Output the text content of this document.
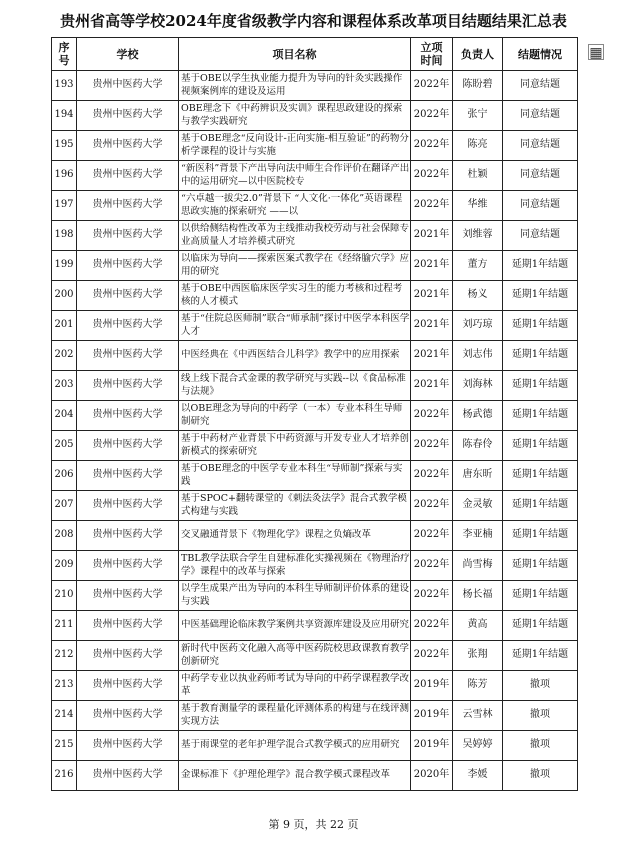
贵州省高等学校2024年度省级教学内容和课程体系改革项目结题结果汇总表
▦
序号	学校	项目名称	立项时间	负责人	结题情况
193	贵州中医药大学	基于OBE以学生执业能力提升为导向的针灸实践操作视频案例库的建设及运用	2022年	陈盼碧	同意结题
194	贵州中医药大学	OBE理念下《中药辨识及实训》课程思政建设的探索与教学实践研究	2022年	张宁	同意结题
195	贵州中医药大学	基于OBE理念“反向设计-正向实施-相互验证”的药物分析学课程的设计与实施	2022年	陈亮	同意结题
196	贵州中医药大学	“新医科”背景下产出导向法中师生合作评价在翻译产出中的运用研究—以中医院校专	2022年	杜颖	同意结题
197	贵州中医药大学	“六卓越一拔尖2.0”背景下 “人文化·一体化”英语课程思政实施的探索研究 ——以	2022年	华维	同意结题
198	贵州中医药大学	以供给侧结构性改革为主线推动我校劳动与社会保障专业高质量人才培养模式研究	2021年	刘维蓉	同意结题
199	贵州中医药大学	以临床为导向——探索医案式教学在《经络腧穴学》应用的研究	2021年	董方	延期1年结题
200	贵州中医药大学	基于OBE中西医临床医学实习生的能力考核和过程考核的人才模式	2021年	杨义	延期1年结题
201	贵州中医药大学	基于“住院总医师制”联合“师承制”探讨中医学本科医学人才	2021年	刘巧琼	延期1年结题
202	贵州中医药大学	中医经典在《中西医结合儿科学》教学中的应用探索	2021年	刘志伟	延期1年结题
203	贵州中医药大学	线上线下混合式金课的教学研究与实践--以《食品标准与法规》	2021年	刘海林	延期1年结题
204	贵州中医药大学	以OBE理念为导向的中药学（一本）专业本科生导师制研究	2022年	杨武德	延期1年结题
205	贵州中医药大学	基于中药材产业背景下中药资源与开发专业人才培养创新模式的探索研究	2022年	陈春伶	延期1年结题
206	贵州中医药大学	基于OBE理念的中医学专业本科生“导师制”探索与实践	2022年	唐东昕	延期1年结题
207	贵州中医药大学	基于SPOC+翻转课堂的《刺法灸法学》混合式教学模式构建与实践	2022年	金灵敏	延期1年结题
208	贵州中医药大学	交叉融通背景下《物理化学》课程之负熵改革	2022年	李亚楠	延期1年结题
209	贵州中医药大学	TBL教学法联合学生自建标准化实操视频在《物理治疗学》课程中的改革与探索	2022年	尚雪梅	延期1年结题
210	贵州中医药大学	以学生成果产出为导向的本科生导师制评价体系的建设与实践	2022年	杨长福	延期1年结题
211	贵州中医药大学	中医基础理论临床教学案例共享资源库建设及应用研究	2022年	黄高	延期1年结题
212	贵州中医药大学	新时代中医药文化融入高等中医药院校思政课教育教学创新研究	2022年	张翔	延期1年结题
213	贵州中医药大学	中药学专业以执业药师考试为导向的中药学课程教学改革	2019年	陈芳	撤项
214	贵州中医药大学	基于教育测量学的课程量化评测体系的构建与在线评测实现方法	2019年	云雪林	撤项
215	贵州中医药大学	基于雨课堂的老年护理学混合式教学模式的应用研究	2019年	吴婷婷	撤项
216	贵州中医药大学	金课标准下《护理伦理学》混合教学模式课程改革	2020年	李媛	撤项
第 9 页，共 22 页
